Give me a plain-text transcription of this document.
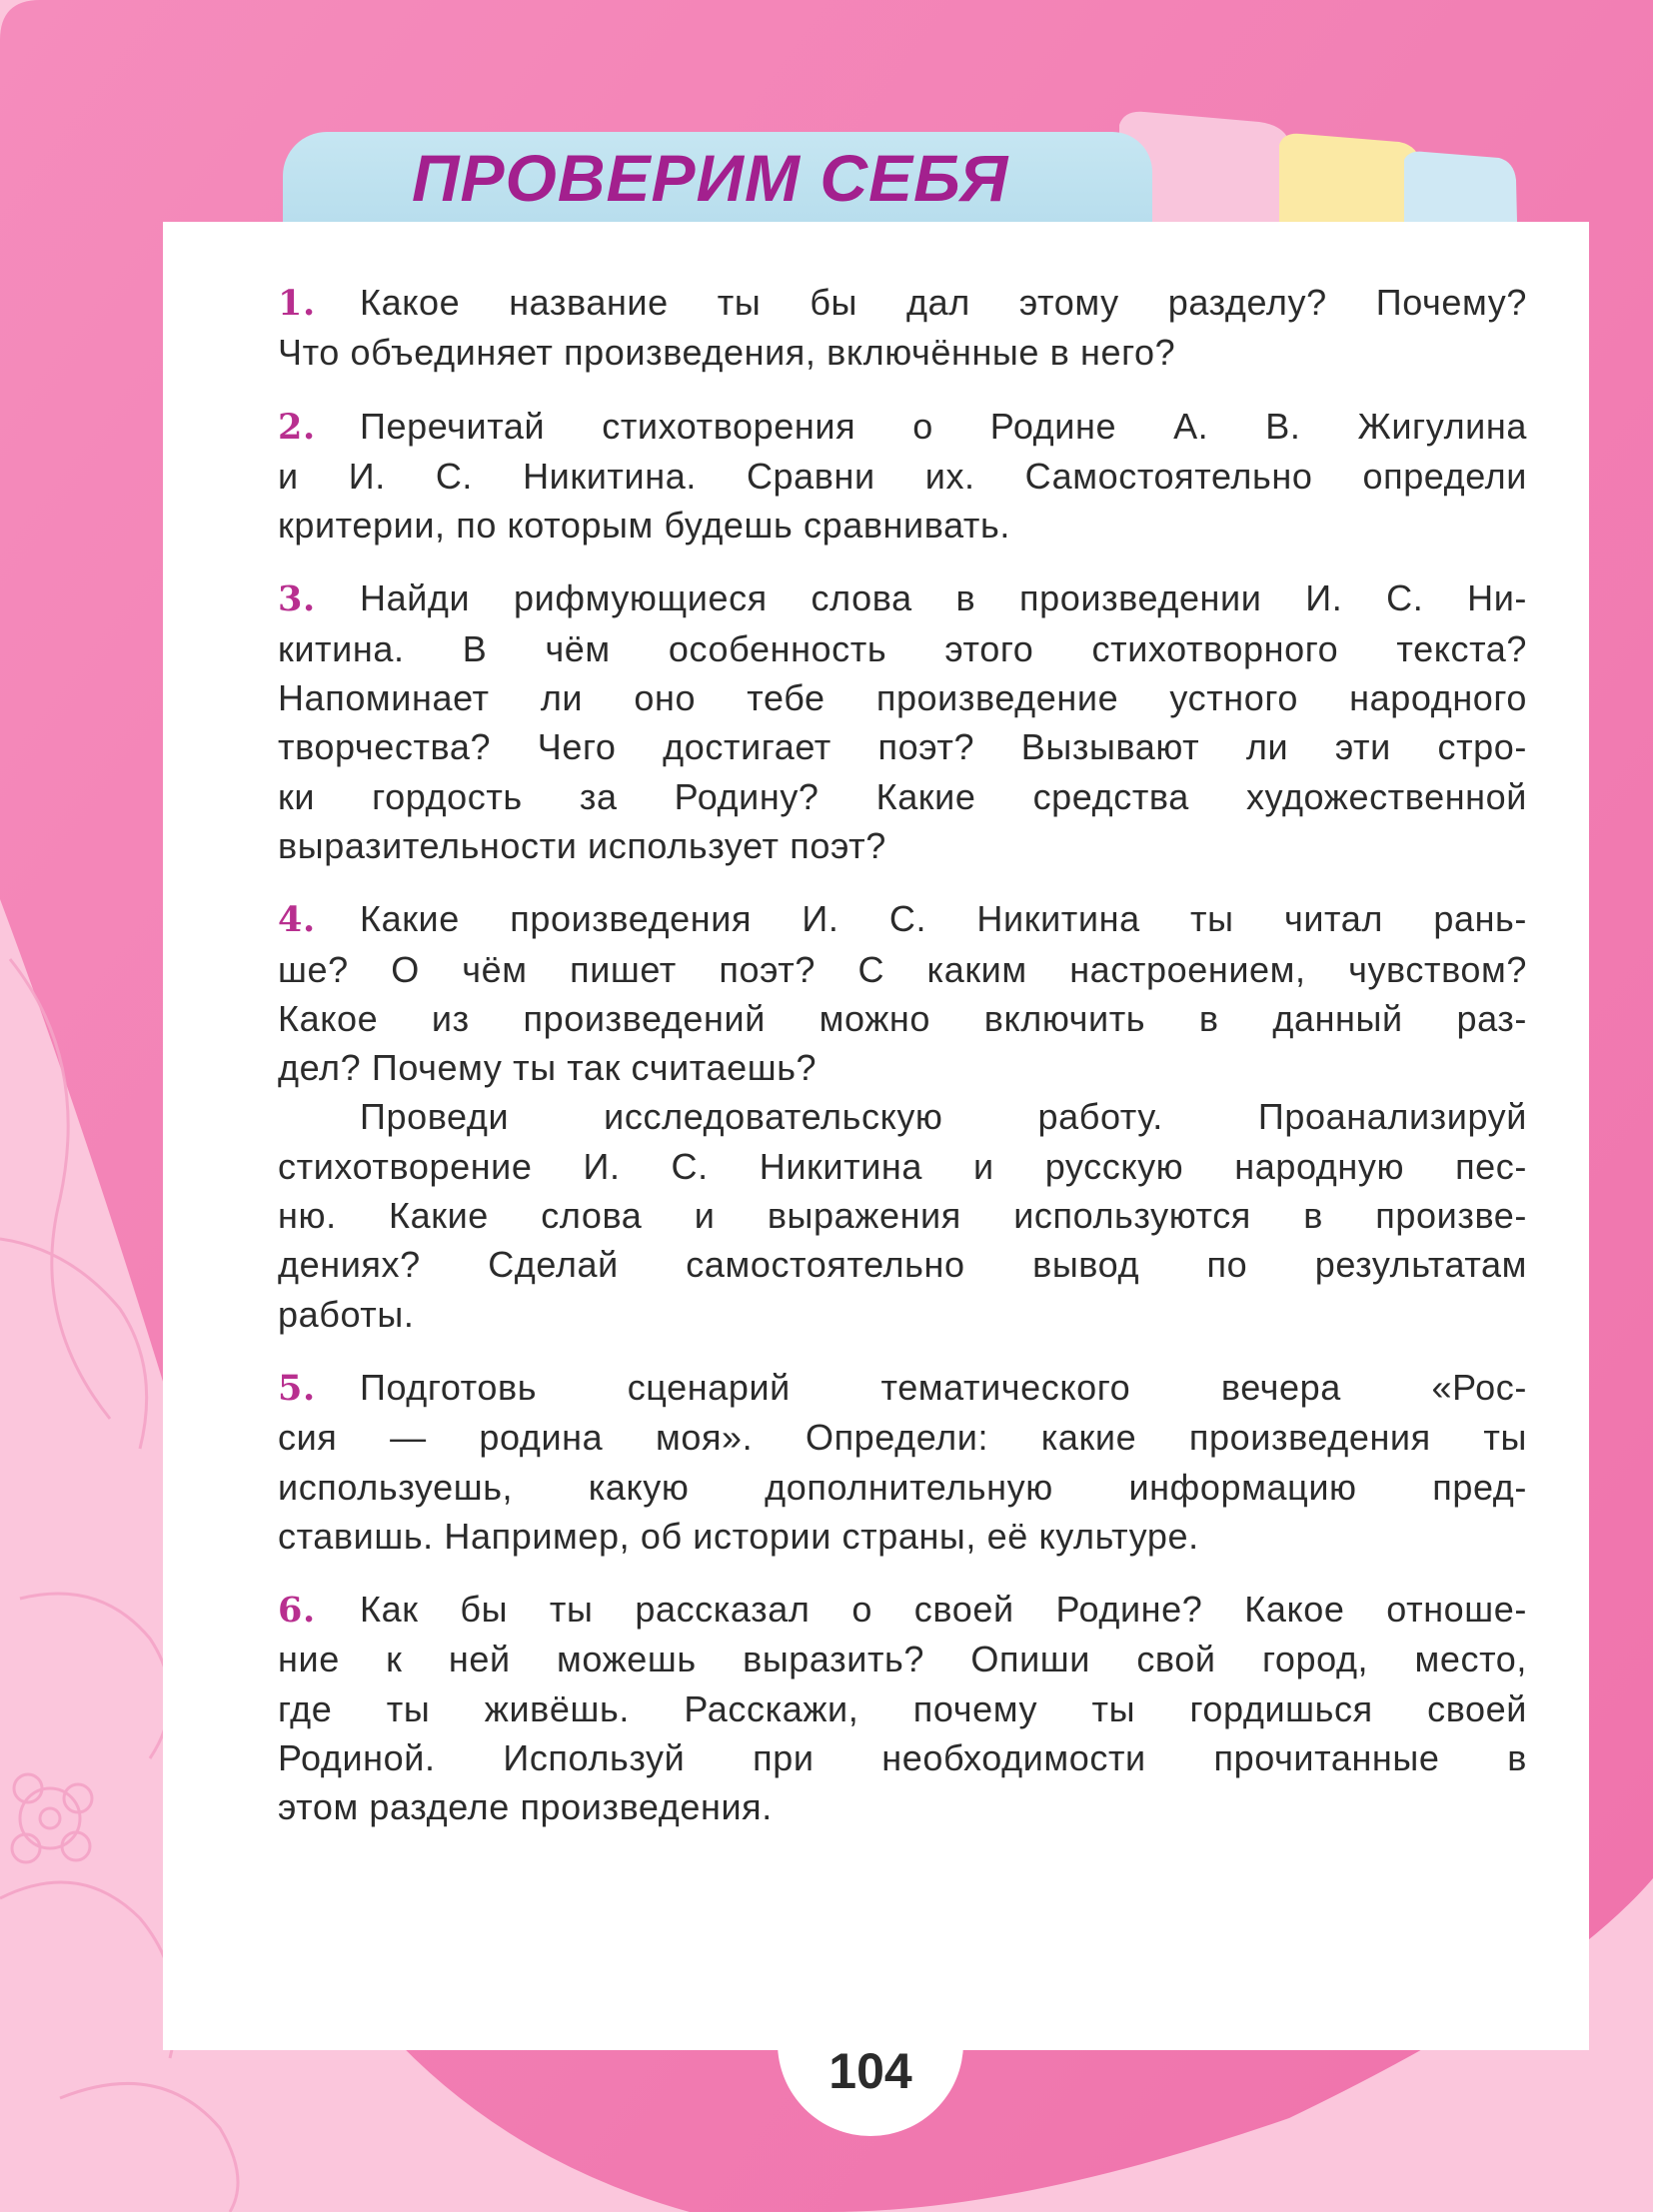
ПРОВЕРИМ СЕБЯ
1. Какое название ты бы дал этому разделу? Почему?
Что объединяет произведения, включённые в него?
2. Перечитай стихотворения о Родине А. В. Жигулина
и И. С. Никитина. Сравни их. Самостоятельно определи
критерии, по которым будешь сравнивать.
3. Найди рифмующиеся слова в произведении И. С. Ни-
китина. В чём особенность этого стихотворного текста?
Напоминает ли оно тебе произведение устного народного
творчества? Чего достигает поэт? Вызывают ли эти стро-
ки гордость за Родину? Какие средства художественной
выразительности использует поэт?
4. Какие произведения И. С. Никитина ты читал рань-
ше? О чём пишет поэт? С каким настроением, чувством?
Какое из произведений можно включить в данный раз-
дел? Почему ты так считаешь?
Проведи исследовательскую работу. Проанализируй
стихотворение И. С. Никитина и русскую народную пес-
ню. Какие слова и выражения используются в произве-
дениях? Сделай самостоятельно вывод по результатам
работы.
5. Подготовь сценарий тематического вечера «Рос-
сия — родина моя». Определи: какие произведения ты
используешь, какую дополнительную информацию пред-
ставишь. Например, об истории страны, её культуре.
6. Как бы ты рассказал о своей Родине? Какое отноше-
ние к ней можешь выразить? Опиши свой город, место,
где ты живёшь. Расскажи, почему ты гордишься своей
Родиной. Используй при необходимости прочитанные в
этом разделе произведения.
104
